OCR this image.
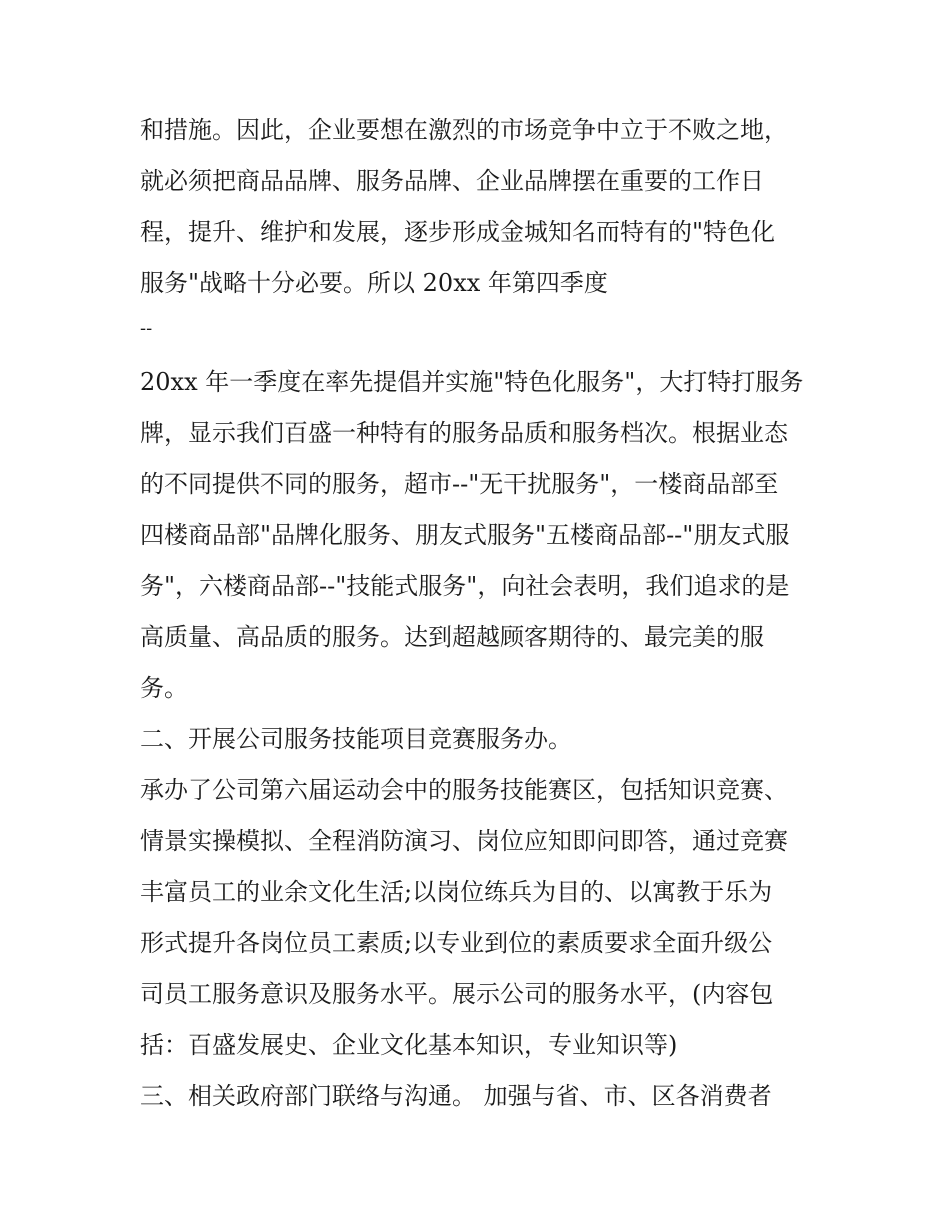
和措施。因此，企业要想在激烈的市场竞争中立于不败之地，
就必须把商品品牌、服务品牌、企业品牌摆在重要的工作日
程，提升、维护和发展，逐步形成金城知名而特有的"特色化
服务"战略十分必要。所以 20xx 年第四季度
--
20xx 年一季度在率先提倡并实施"特色化服务"，大打特打服务
牌，显示我们百盛一种特有的服务品质和服务档次。根据业态
的不同提供不同的服务，超市--"无干扰服务"，一楼商品部至
四楼商品部"品牌化服务、朋友式服务"五楼商品部--"朋友式服
务"，六楼商品部--"技能式服务"，向社会表明，我们追求的是
高质量、高品质的服务。达到超越顾客期待的、最完美的服
务。
二、开展公司服务技能项目竞赛服务办。
承办了公司第六届运动会中的服务技能赛区，包括知识竞赛、
情景实操模拟、全程消防演习、岗位应知即问即答，通过竞赛
丰富员工的业余文化生活;以岗位练兵为目的、以寓教于乐为
形式提升各岗位员工素质;以专业到位的素质要求全面升级公
司员工服务意识及服务水平。展示公司的服务水平，(内容包
括：百盛发展史、企业文化基本知识，专业知识等)
三、相关政府部门联络与沟通。 加强与省、市、区各消费者
